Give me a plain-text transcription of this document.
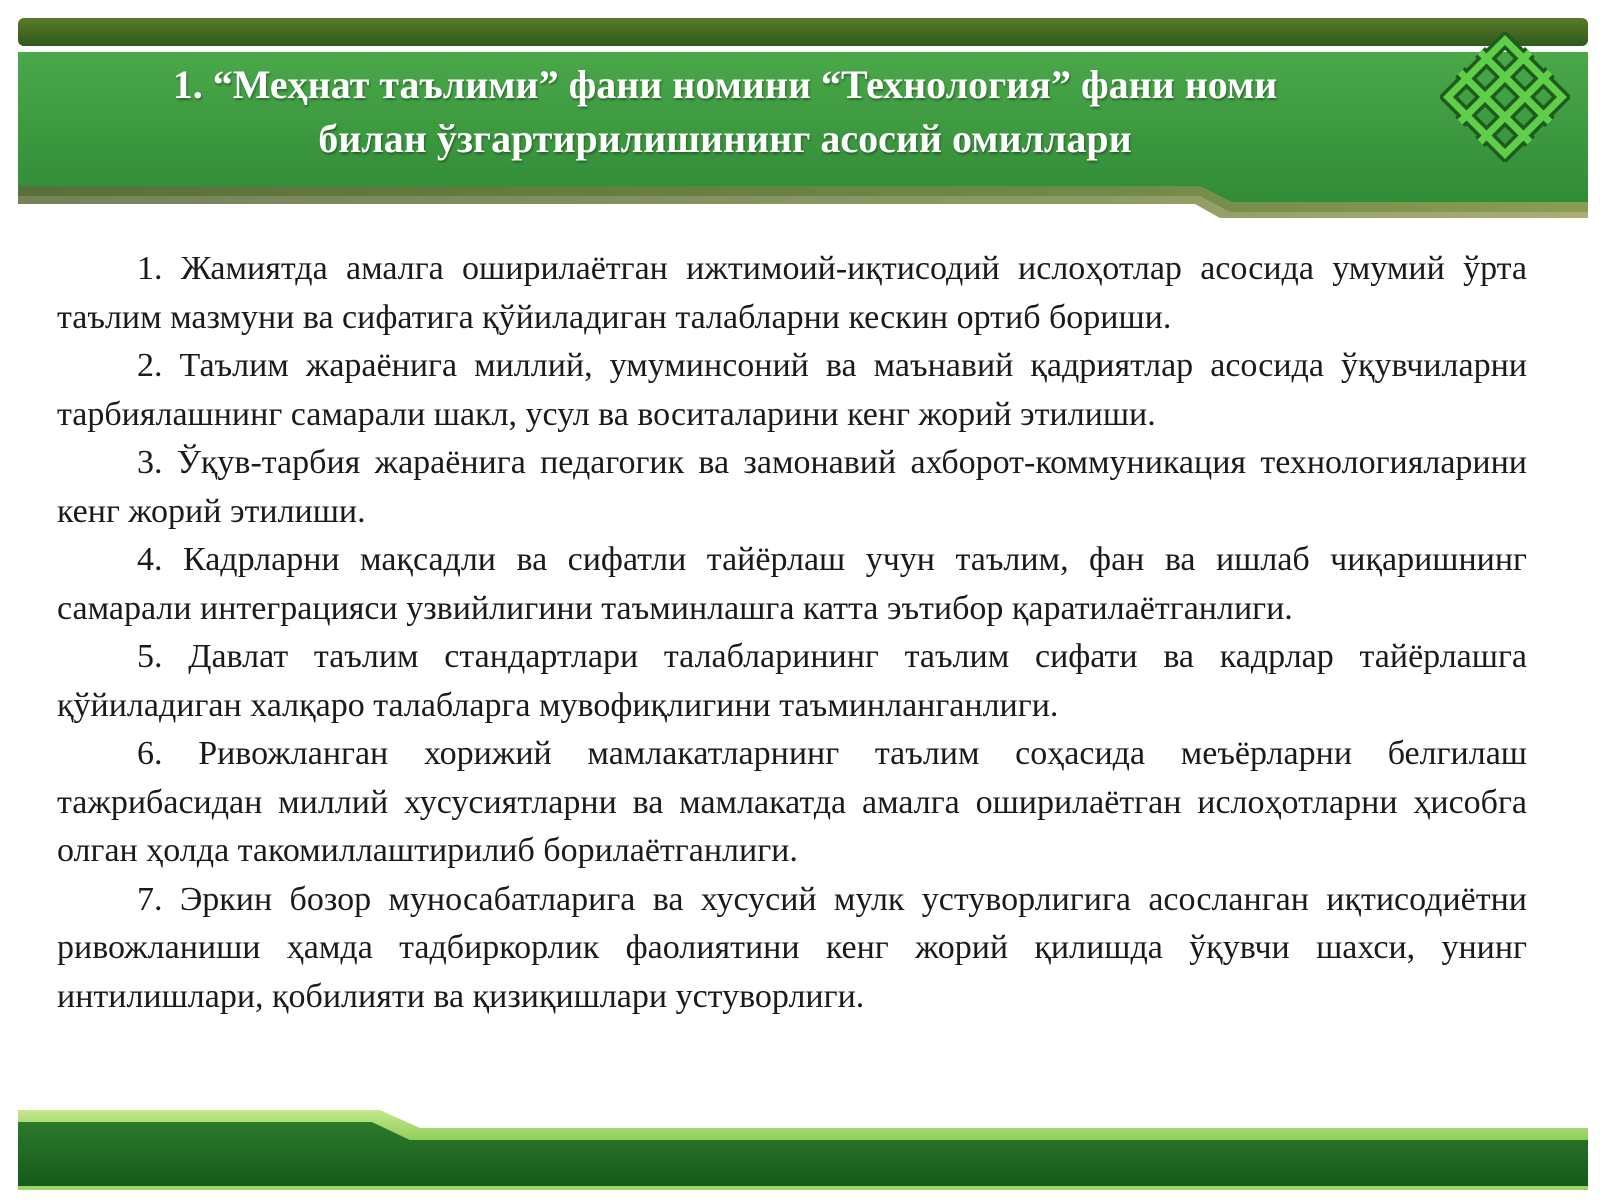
1. “Меҳнат таълими” фани номини “Технология” фани номи
билан ўзгартирилишининг асосий омиллари

1. Жамиятда амалга оширилаётган ижтимоий-иқтисодий ислоҳотлар асосида умумий ўрта таълим мазмуни ва сифатига қўйиладиган талабларни кескин ортиб бориши.

2. Таълим жараёнига миллий, умуминсоний ва маънавий қадриятлар асосида ўқувчиларни тарбиялашнинг самарали шакл, усул ва воситаларини кенг жорий этилиши.

3. Ўқув-тарбия жараёнига педагогик ва замонавий ахборот-коммуникация технологияларини кенг жорий этилиши.

4. Кадрларни мақсадли ва сифатли тайёрлаш учун таълим, фан ва ишлаб чиқаришнинг самарали интеграцияси узвийлигини таъминлашга катта эътибор қаратилаётганлиги.

5. Давлат таълим стандартлари талабларининг таълим сифати ва кадрлар тайёрлашга қўйиладиган халқаро талабларга мувофиқлигини таъминланганлиги.

6. Ривожланган хорижий мамлакатларнинг таълим соҳасида меъёрларни белгилаш тажрибасидан миллий хусусиятларни ва мамлакатда амалга оширилаётган ислоҳотларни ҳисобга олган ҳолда такомиллаштирилиб борилаётганлиги.

7. Эркин бозор муносабатларига ва хусусий мулк устуворлигига асосланган иқтисодиётни ривожланиши ҳамда тадбиркорлик фаолиятини кенг жорий қилишда ўқувчи шахси, унинг интилишлари, қобилияти ва қизиқишлари устуворлиги.
